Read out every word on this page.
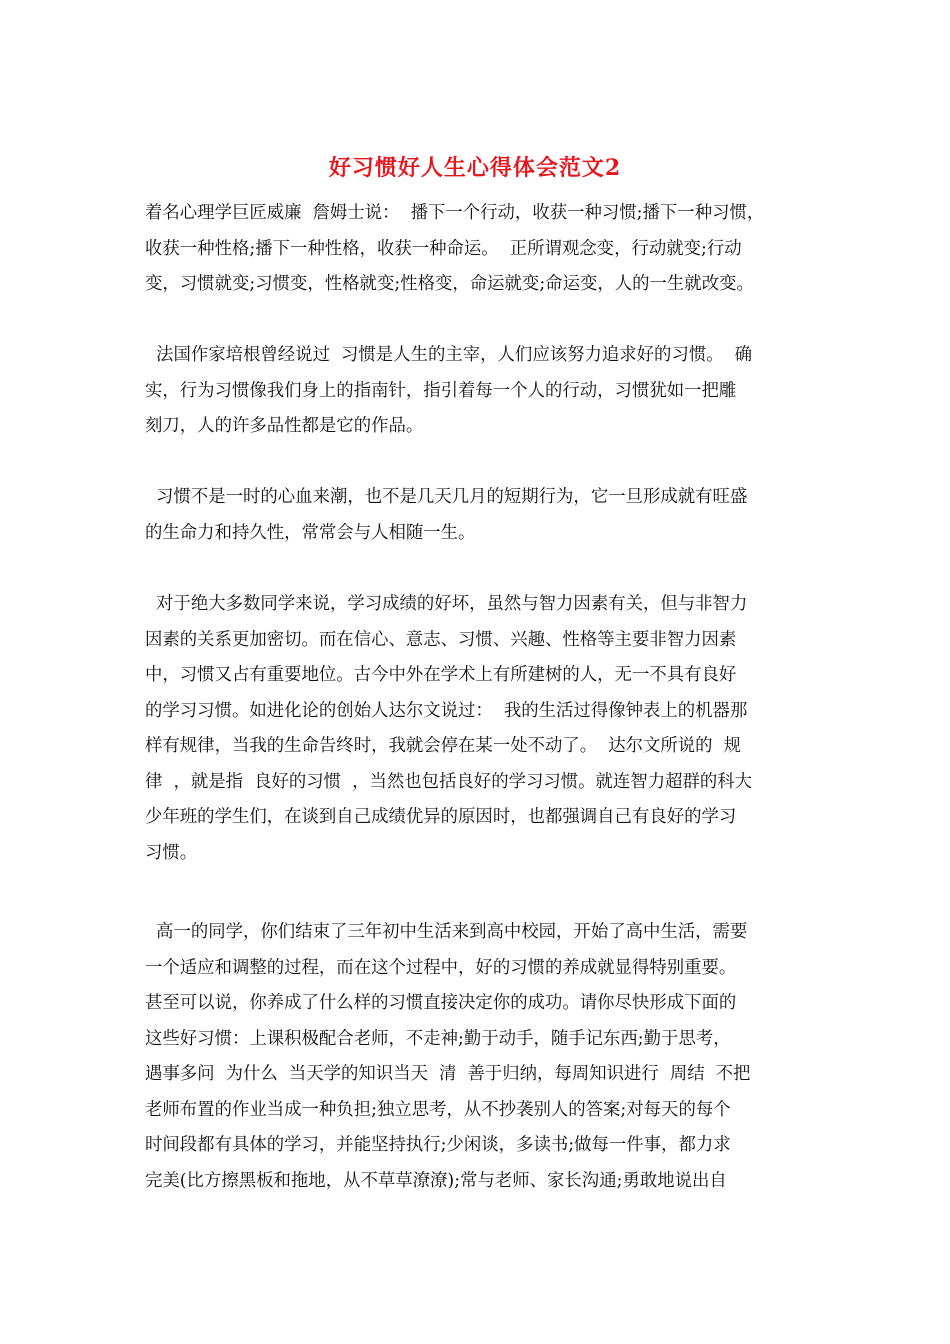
好习惯好人生心得体会范文2
着名心理学巨匠威廉  詹姆士说：  播下一个行动，收获一种习惯;播下一种习惯，
收获一种性格;播下一种性格，收获一种命运。  正所谓观念变，行动就变;行动
变，习惯就变;习惯变，性格就变;性格变，命运就变;命运变，人的一生就改变。
法国作家培根曾经说过  习惯是人生的主宰，人们应该努力追求好的习惯。  确
实，行为习惯像我们身上的指南针，指引着每一个人的行动，习惯犹如一把雕
刻刀，人的许多品性都是它的作品。
习惯不是一时的心血来潮，也不是几天几月的短期行为，它一旦形成就有旺盛
的生命力和持久性，常常会与人相随一生。
对于绝大多数同学来说，学习成绩的好坏，虽然与智力因素有关，但与非智力
因素的关系更加密切。而在信心、意志、习惯、兴趣、性格等主要非智力因素
中，习惯又占有重要地位。古今中外在学术上有所建树的人，无一不具有良好
的学习习惯。如进化论的创始人达尔文说过：  我的生活过得像钟表上的机器那
样有规律，当我的生命告终时，我就会停在某一处不动了。  达尔文所说的  规
律  ，就是指  良好的习惯  ，当然也包括良好的学习习惯。就连智力超群的科大
少年班的学生们，在谈到自己成绩优异的原因时，也都强调自己有良好的学习
习惯。
高一的同学，你们结束了三年初中生活来到高中校园，开始了高中生活，需要
一个适应和调整的过程，而在这个过程中，好的习惯的养成就显得特别重要。
甚至可以说，你养成了什么样的习惯直接决定你的成功。请你尽快形成下面的
这些好习惯：上课积极配合老师，不走神;勤于动手，随手记东西;勤于思考，
遇事多问  为什么  当天学的知识当天  清  善于归纳，每周知识进行  周结  不把
老师布置的作业当成一种负担;独立思考，从不抄袭别人的答案;对每天的每个
时间段都有具体的学习，并能坚持执行;少闲谈，多读书;做每一件事，都力求
完美(比方擦黑板和拖地，从不草草潦潦);常与老师、家长沟通;勇敢地说出自
